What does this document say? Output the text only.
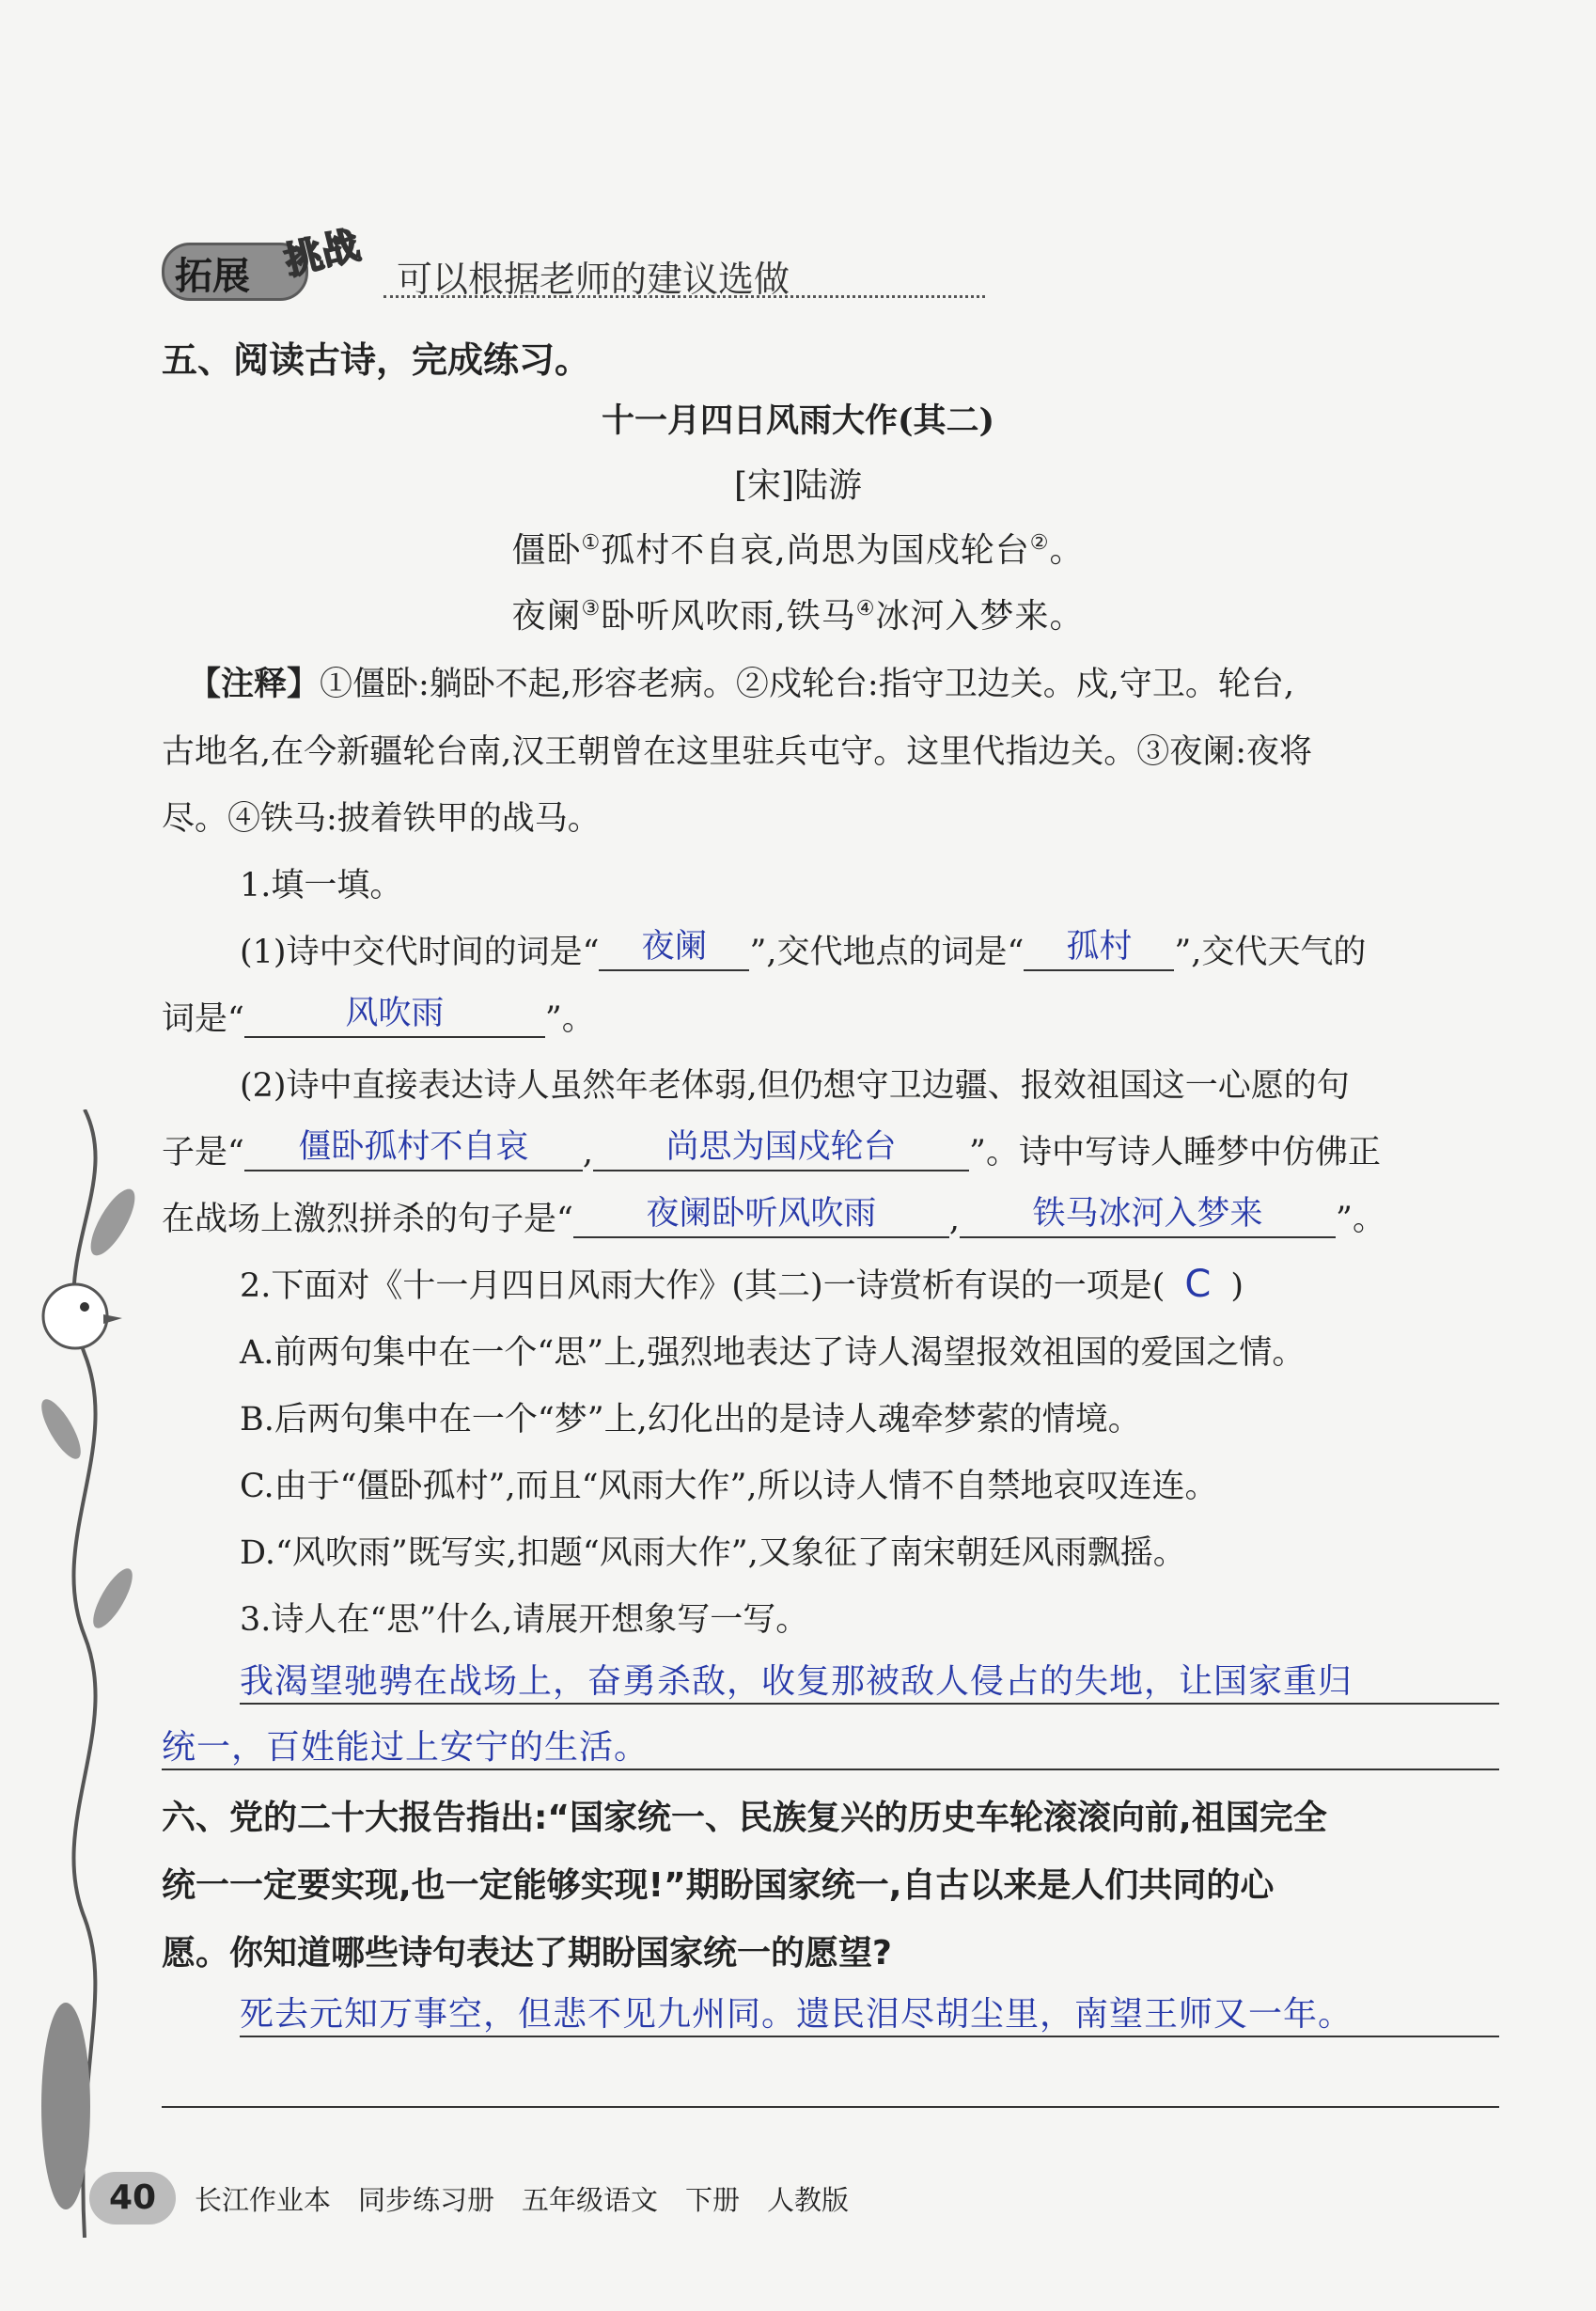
拓展 挑战 可以根据老师的建议选做
五、阅读古诗，完成练习。
十一月四日风雨大作(其二)
[宋]陆游
僵卧①孤村不自哀,尚思为国戍轮台②。
夜阑③卧听风吹雨,铁马④冰河入梦来。
【注释】①僵卧:躺卧不起,形容老病。②戍轮台:指守卫边关。戍,守卫。轮台,
古地名,在今新疆轮台南,汉王朝曾在这里驻兵屯守。这里代指边关。③夜阑:夜将
尽。④铁马:披着铁甲的战马。
1.填一填。
(1)诗中交代时间的词是“ 夜阑 ”,交代地点的词是“ 孤村 ”,交代天气的
词是“	风吹雨	”。
(2)诗中直接表达诗人虽然年老体弱,但仍想守卫边疆、报效祖国这一心愿的句
子是“ 僵卧孤村不自哀 , 尚思为国戍轮台 ”。诗中写诗人睡梦中仿佛正
在战场上激烈拼杀的句子是“ 夜阑卧听风吹雨 , 铁马冰河入梦来 ”。
2.下面对《十一月四日风雨大作》(其二)一诗赏析有误的一项是( C )
A.前两句集中在一个“思”上,强烈地表达了诗人渴望报效祖国的爱国之情。
B.后两句集中在一个“梦”上,幻化出的是诗人魂牵梦萦的情境。
C.由于“僵卧孤村”,而且“风雨大作”,所以诗人情不自禁地哀叹连连。
D.“风吹雨”既写实,扣题“风雨大作”,又象征了南宋朝廷风雨飘摇。
3.诗人在“思”什么,请展开想象写一写。
我渴望驰骋在战场上，奋勇杀敌，收复那被敌人侵占的失地，让国家重归
统一，百姓能过上安宁的生活。
六、党的二十大报告指出:“国家统一、民族复兴的历史车轮滚滚向前,祖国完全
统一一定要实现,也一定能够实现!”期盼国家统一,自古以来是人们共同的心
愿。你知道哪些诗句表达了期盼国家统一的愿望?
死去元知万事空，但悲不见九州同。遗民泪尽胡尘里，南望王师又一年。
40	长江作业本　同步练习册　五年级语文　下册　人教版
